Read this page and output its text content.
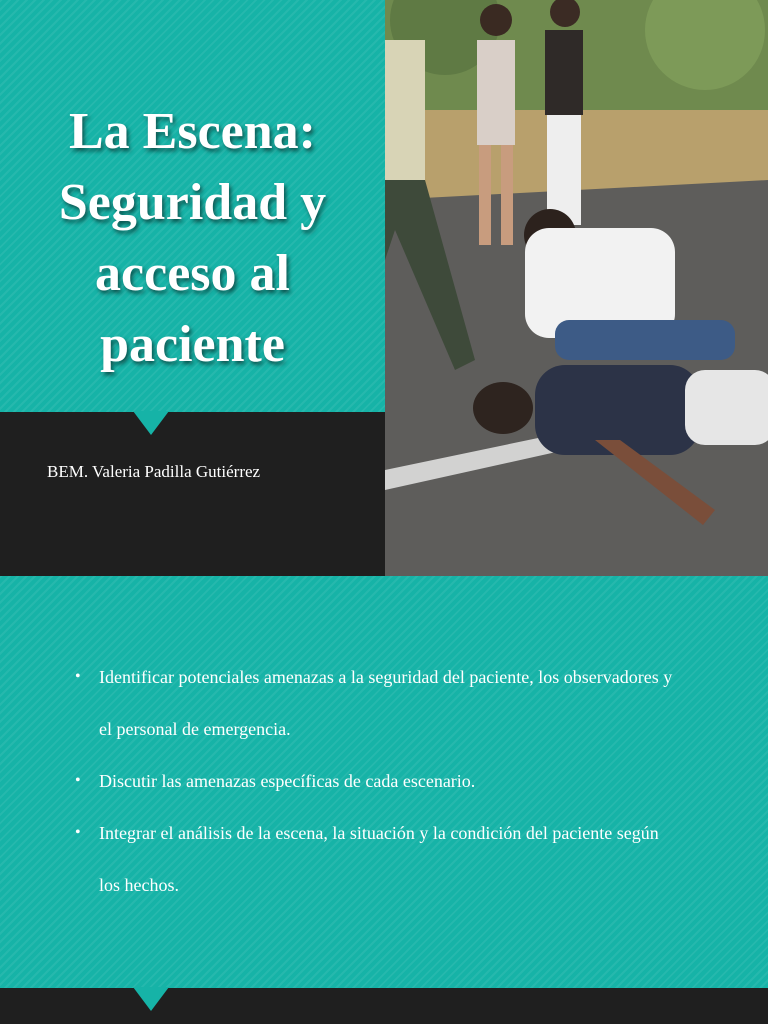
La Escena: Seguridad y acceso al paciente
BEM. Valeria Padilla Gutiérrez
• Identificar potenciales amenazas a la seguridad del paciente, los observadores y el personal de emergencia.
• Discutir las amenazas específicas de cada escenario.
• Integrar el análisis de la escena, la situación y la condición del paciente según los hechos.
